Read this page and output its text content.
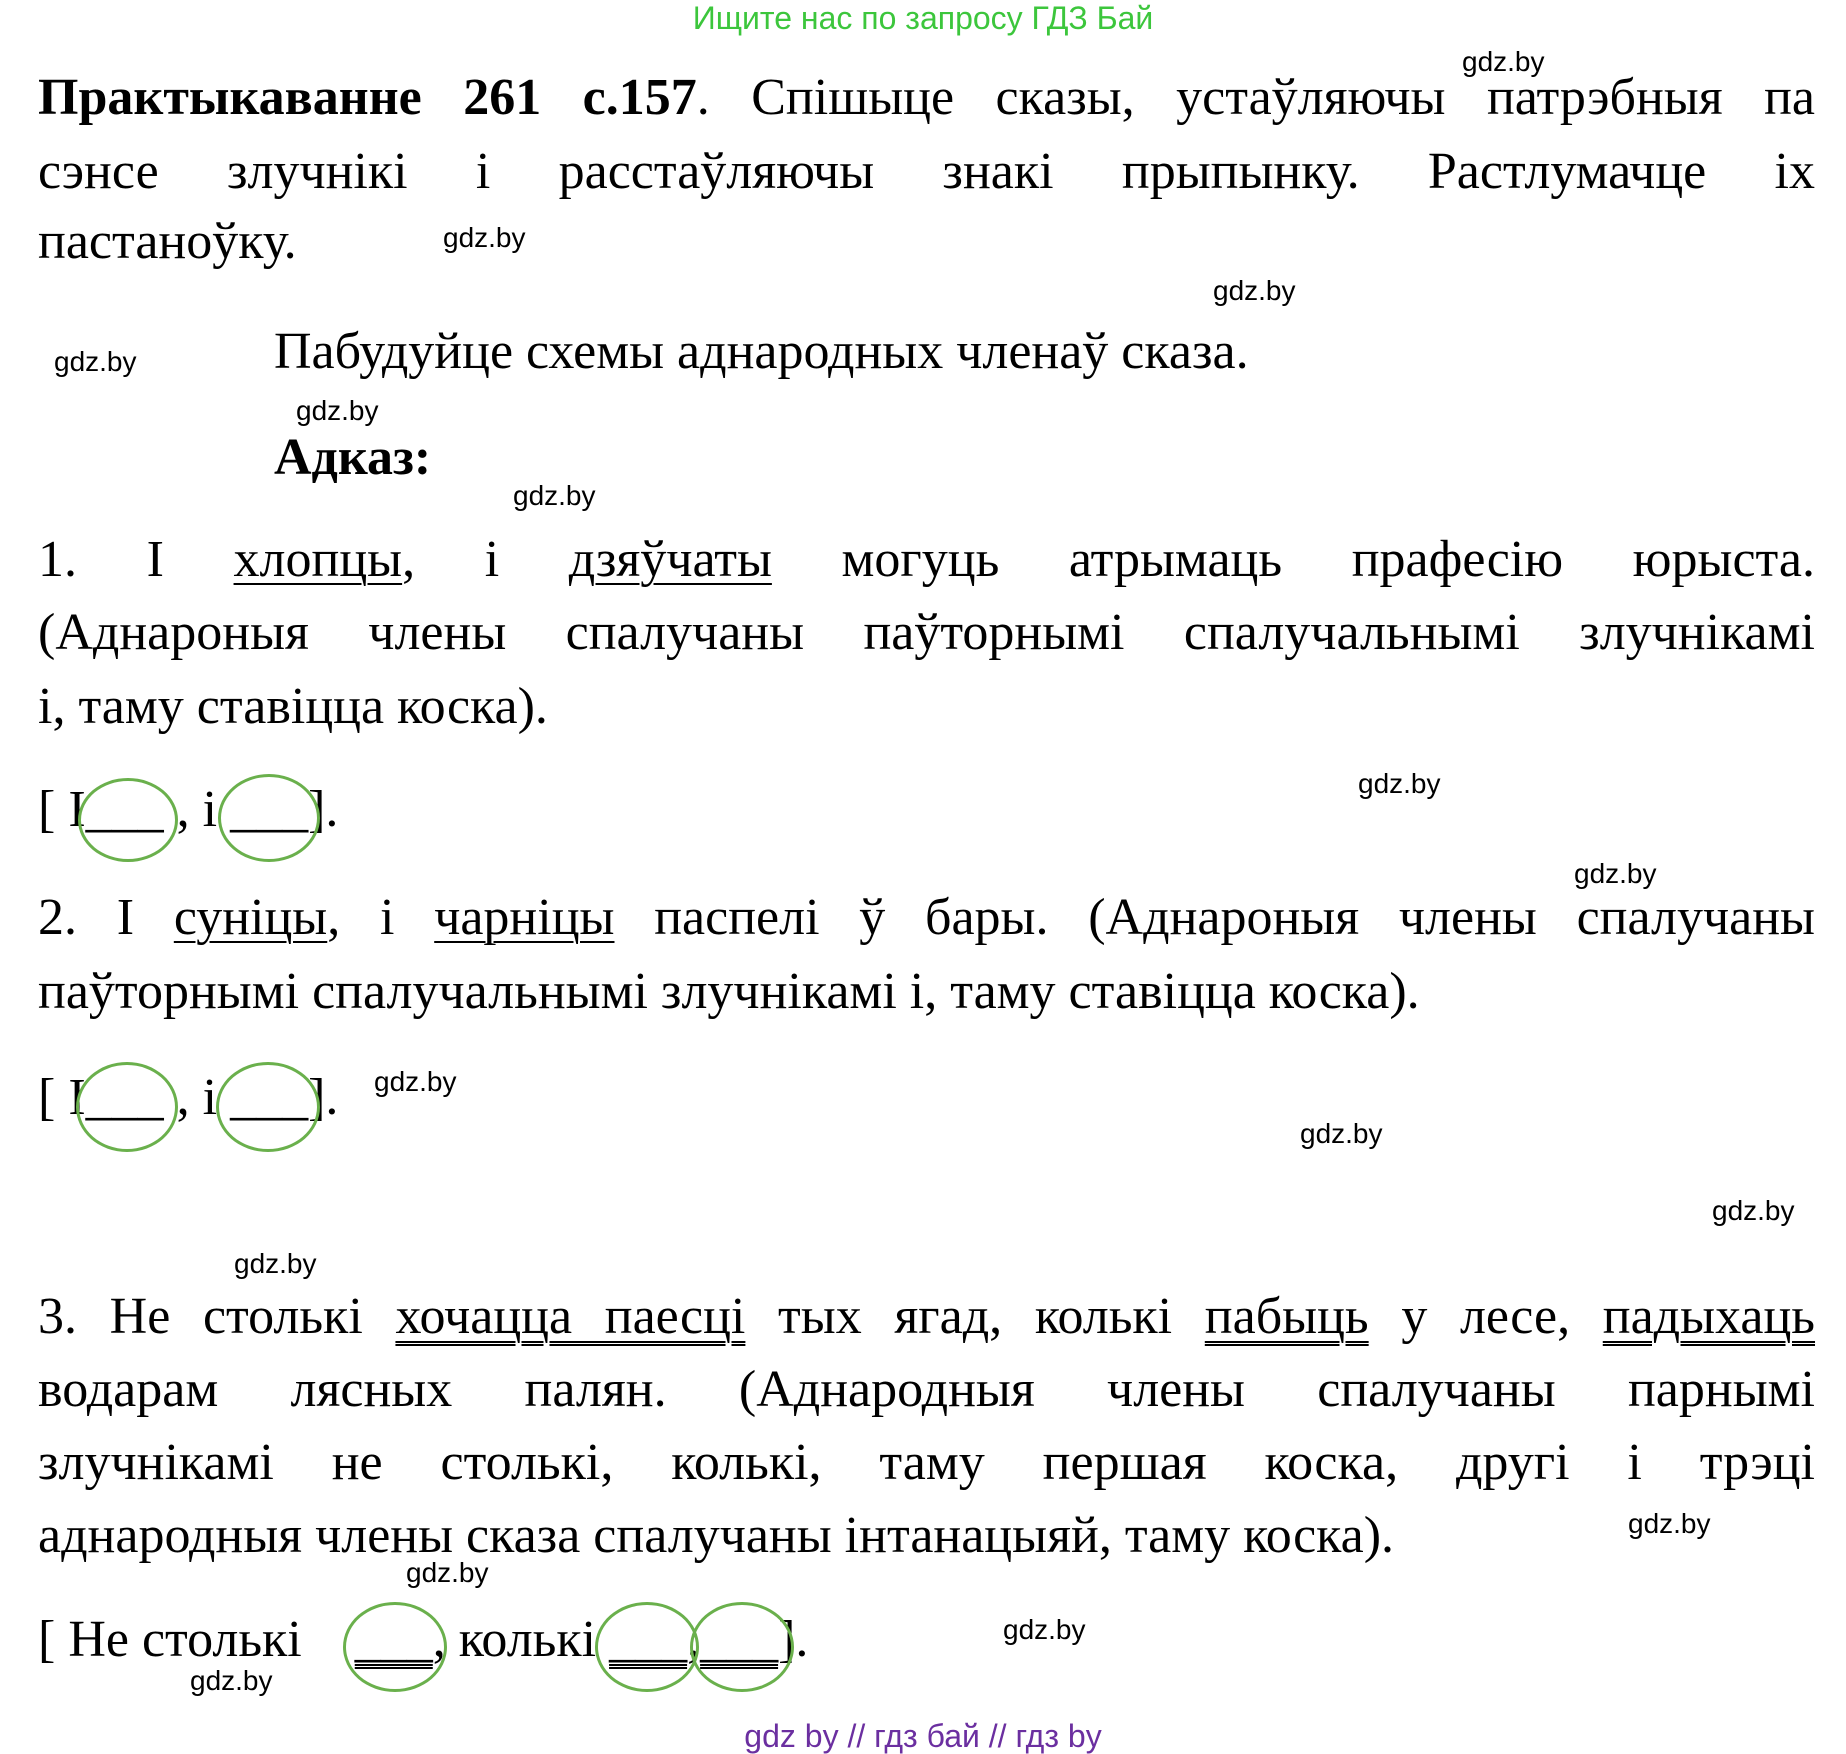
Ищите нас по запросу ГДЗ Бай
Практыкаванне 261 с.157. Спішыце сказы, устаўляючы патрэбныя па
сэнсе злучнікі і расстаўляючы знакі прыпынку. Растлумачце іх
пастаноўку.
Пабудуйце схемы аднародных членаў сказа.
Адказ:
1. І хлопцы, і дзяўчаты могуць атрымаць прафесію юрыста.
(Аднароныя члены спалучаны паўторнымі спалучальнымі злучнікамі
і, таму ставіцца коска).
[ І
___ , і
___].
2. І суніцы, і чарніцы паспелі ў бары. (Аднароныя члены спалучаны
паўторнымі спалучальнымі злучнікамі і, таму ставіцца коска).
[ І
___ , і
___].
3. Не столькі хочацца паесці тых ягад, колькі пабыць у лесе, падыхаць
водарам лясных палян. (Аднародныя члены спалучаны парнымі
злучнікамі не столькі, колькі, таму першая коска, другі і трэці
аднародныя члены сказа спалучаны інтанацыяй, таму коска).
[ Не столькі
___, колькі
___,
___].
gdz.by
gdz.by
gdz.by
gdz.by
gdz.by
gdz.by
gdz.by
gdz.by
gdz.by
gdz.by
gdz.by
gdz.by
gdz.by
gdz.by
gdz.by
gdz.by
gdz by // гдз бай // гдз by
